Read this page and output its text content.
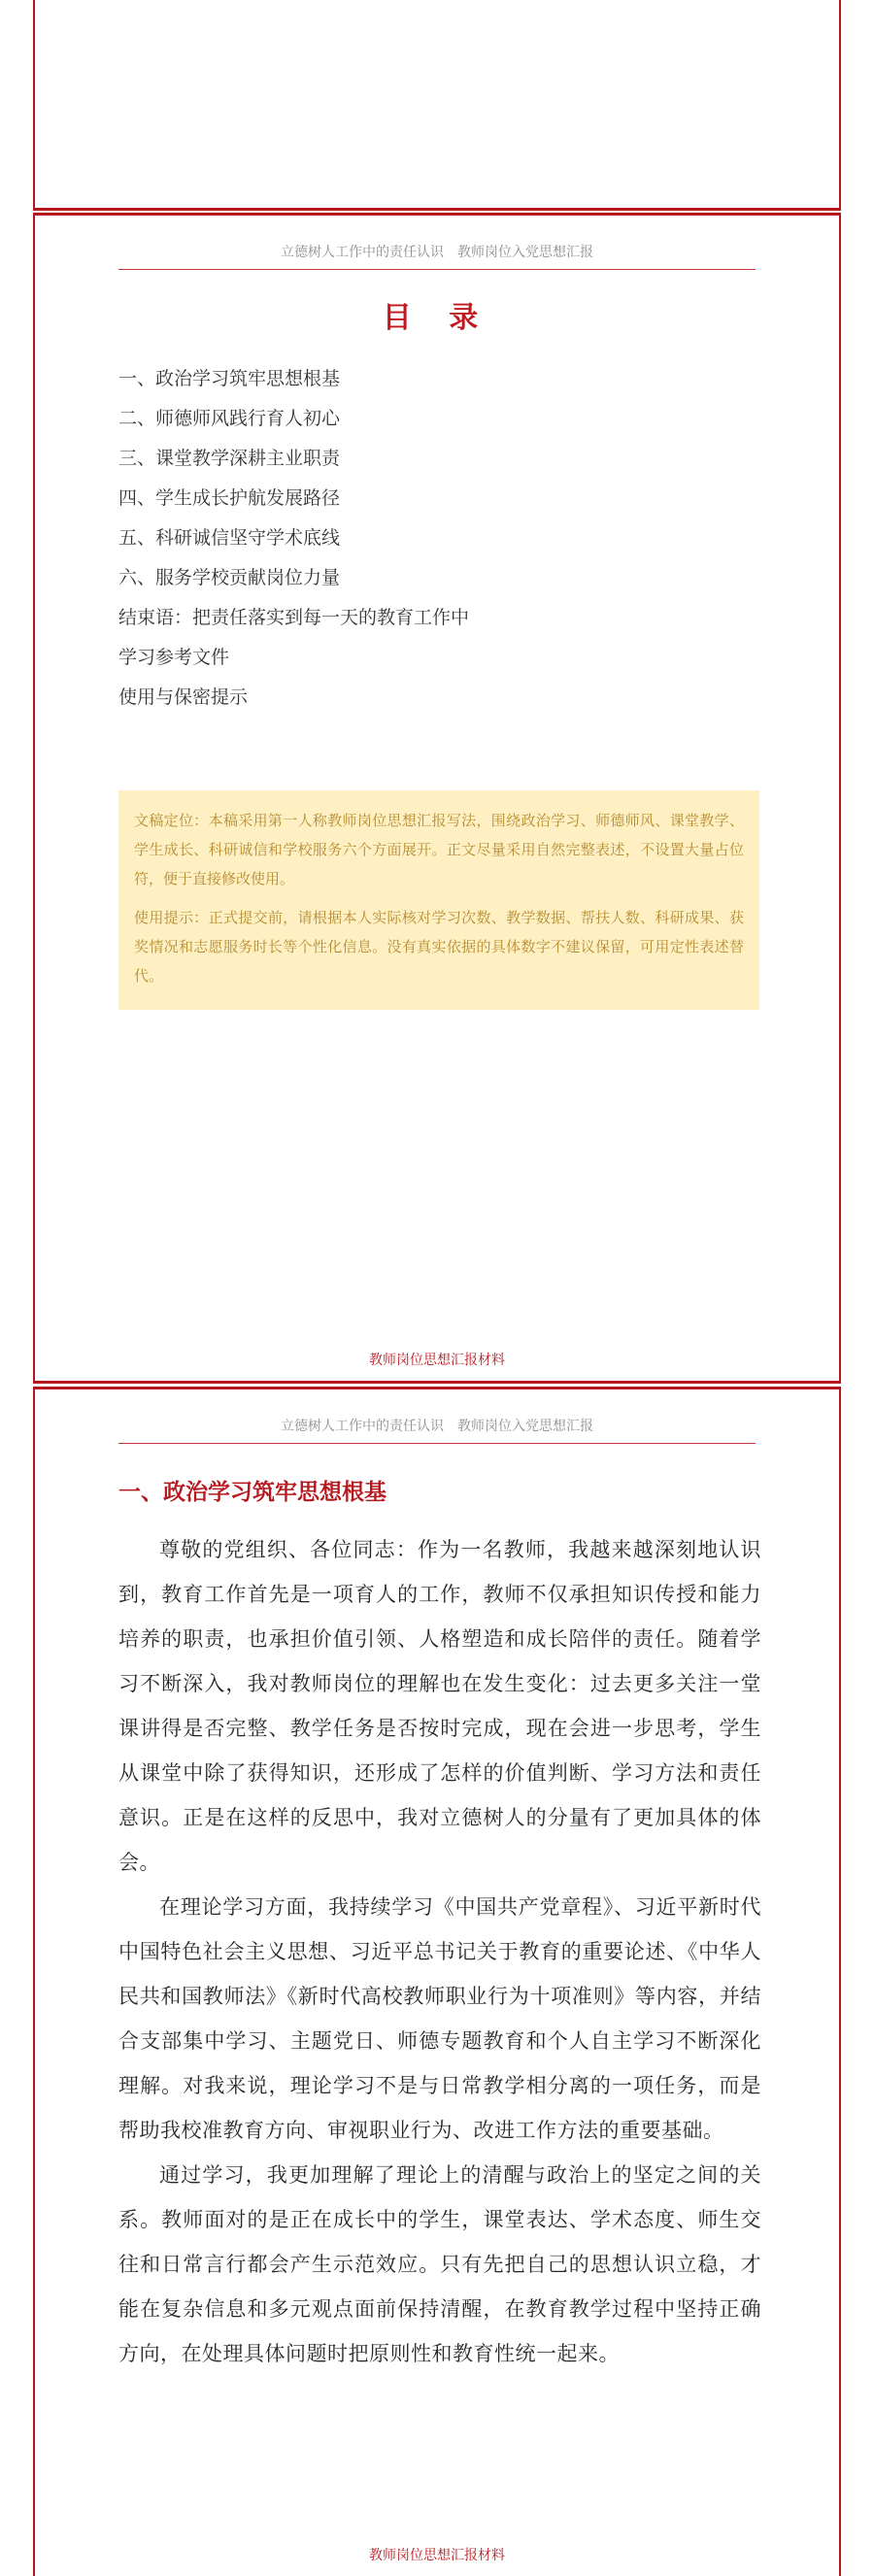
立德树人工作中的责任认识 教师岗位入党思想汇报
目 录
一、政治学习筑牢思想根基
二、师德师风践行育人初心
三、课堂教学深耕主业职责
四、学生成长护航发展路径
五、科研诚信坚守学术底线
六、服务学校贡献岗位力量
结束语：把责任落实到每一天的教育工作中
学习参考文件
使用与保密提示

文稿定位：本稿采用第一人称教师岗位思想汇报写法，围绕政治学习、师德师风、课堂教学、学生成长、科研诚信和学校服务六个方面展开。正文尽量采用自然完整表述，不设置大量占位符，便于直接修改使用。

使用提示：正式提交前，请根据本人实际核对学习次数、教学数据、帮扶人数、科研成果、获奖情况和志愿服务时长等个性化信息。没有真实依据的具体数字不建议保留，可用定性表述替代。

教师岗位思想汇报材料
立德树人工作中的责任认识 教师岗位入党思想汇报
一、政治学习筑牢思想根基

尊敬的党组织、各位同志：作为一名教师，我越来越深刻地认识到，教育工作首先是一项育人的工作，教师不仅承担知识传授和能力培养的职责，也承担价值引领、人格塑造和成长陪伴的责任。随着学习不断深入，我对教师岗位的理解也在发生变化：过去更多关注一堂课讲得是否完整、教学任务是否按时完成，现在会进一步思考，学生从课堂中除了获得知识，还形成了怎样的价值判断、学习方法和责任意识。正是在这样的反思中，我对立德树人的分量有了更加具体的体会。

在理论学习方面，我持续学习《中国共产党章程》、习近平新时代中国特色社会主义思想、习近平总书记关于教育的重要论述、《中华人民共和国教师法》《新时代高校教师职业行为十项准则》等内容，并结合支部集中学习、主题党日、师德专题教育和个人自主学习不断深化理解。对我来说，理论学习不是与日常教学相分离的一项任务，而是帮助我校准教育方向、审视职业行为、改进工作方法的重要基础。

通过学习，我更加理解了理论上的清醒与政治上的坚定之间的关系。教师面对的是正在成长中的学生，课堂表达、学术态度、师生交往和日常言行都会产生示范效应。只有先把自己的思想认识立稳，才能在复杂信息和多元观点面前保持清醒，在教育教学过程中坚持正确方向，在处理具体问题时把原则性和教育性统一起来。

教师岗位思想汇报材料
